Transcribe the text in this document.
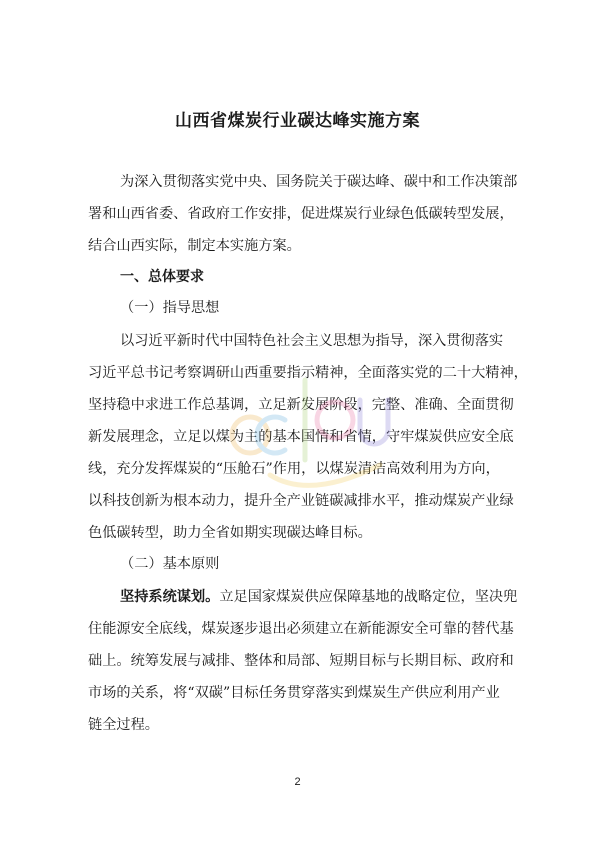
山西省煤炭行业碳达峰实施方案
为深入贯彻落实党中央、国务院关于碳达峰、碳中和工作决策部
署和山西省委、省政府工作安排，促进煤炭行业绿色低碳转型发展，
结合山西实际，制定本实施方案。
一、总体要求
（一）指导思想
以习近平新时代中国特色社会主义思想为指导，深入贯彻落实
习近平总书记考察调研山西重要指示精神，全面落实党的二十大精神，
坚持稳中求进工作总基调，立足新发展阶段，完整、准确、全面贯彻
新发展理念，立足以煤为主的基本国情和省情，守牢煤炭供应安全底
线，充分发挥煤炭的“压舱石”作用，以煤炭清洁高效利用为方向，
以科技创新为根本动力，提升全产业链碳减排水平，推动煤炭产业绿
色低碳转型，助力全省如期实现碳达峰目标。
（二）基本原则
坚持系统谋划。立足国家煤炭供应保障基地的战略定位，坚决兜
住能源安全底线，煤炭逐步退出必须建立在新能源安全可靠的替代基
础上。统筹发展与减排、整体和局部、短期目标与长期目标、政府和
市场的关系，将“双碳”目标任务贯穿落实到煤炭生产供应利用产业
链全过程。
2
